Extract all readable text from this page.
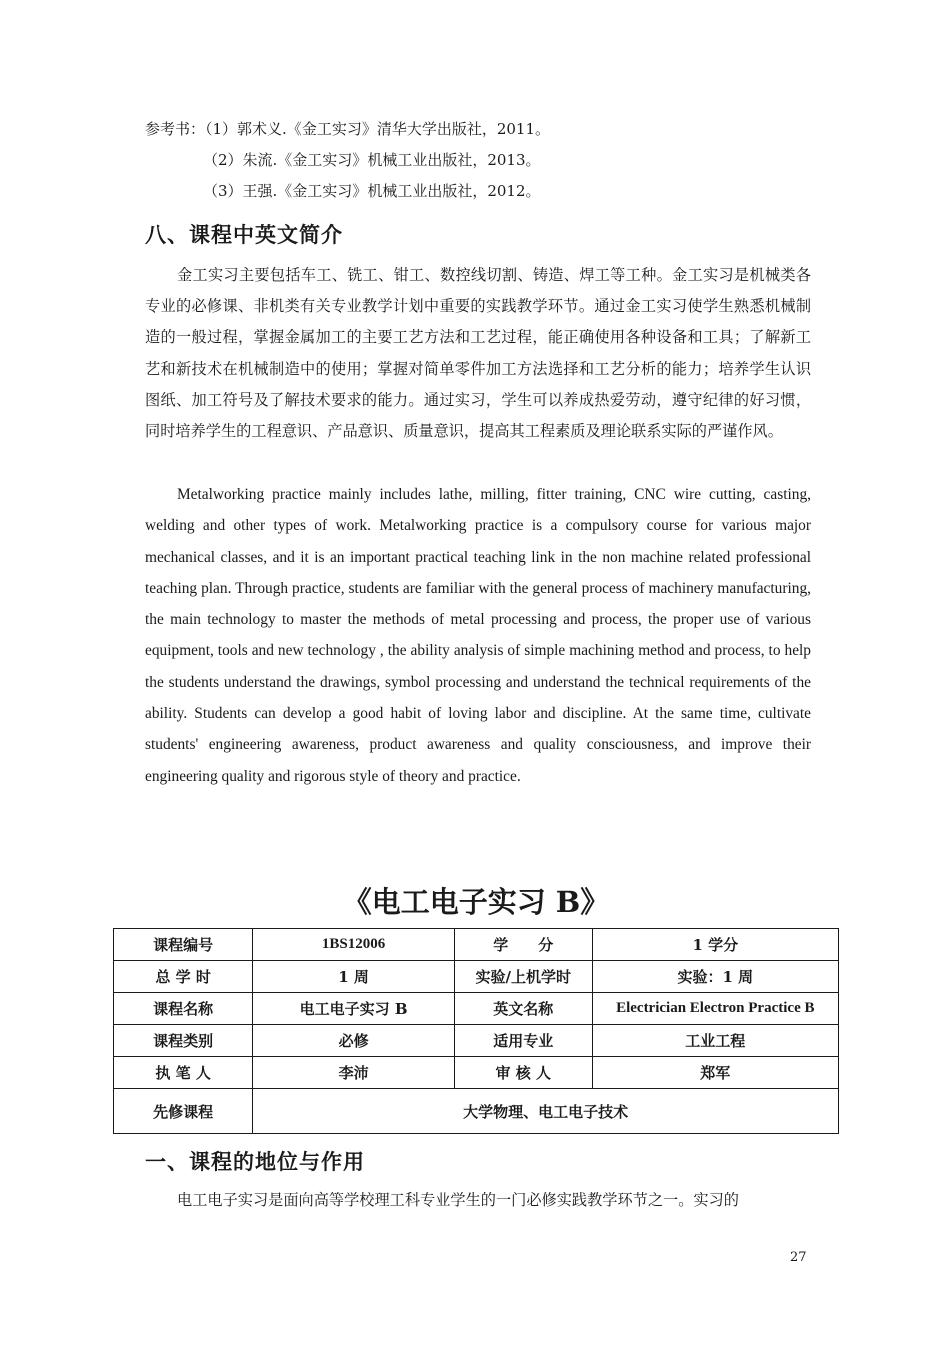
参考书：（1）郭术义.《金工实习》清华大学出版社，2011。
（2）朱流.《金工实习》机械工业出版社，2013。
（3）王强.《金工实习》机械工业出版社，2012。
八、课程中英文简介

金工实习主要包括车工、铣工、钳工、数控线切割、铸造、焊工等工种。金工实习是机械类各专业的必修课、非机类有关专业教学计划中重要的实践教学环节。通过金工实习使学生熟悉机械制造的一般过程，掌握金属加工的主要工艺方法和工艺过程，能正确使用各种设备和工具；了解新工艺和新技术在机械制造中的使用；掌握对简单零件加工方法选择和工艺分析的能力；培养学生认识图纸、加工符号及了解技术要求的能力。通过实习，学生可以养成热爱劳动，遵守纪律的好习惯，同时培养学生的工程意识、产品意识、质量意识，提高其工程素质及理论联系实际的严谨作风。

Metalworking practice mainly includes lathe, milling, fitter training, CNC wire cutting, casting, welding and other types of work. Metalworking practice is a compulsory course for various major mechanical classes, and it is an important practical teaching link in the non machine related professional teaching plan. Through practice, students are familiar with the general process of machinery manufacturing, the main technology to master the methods of metal processing and process, the proper use of various equipment, tools and new technology , the ability analysis of simple machining method and process, to help the students understand the drawings, symbol processing and understand the technical requirements of the ability. Students can develop a good habit of loving labor and discipline. At the same time, cultivate students' engineering awareness, product awareness and quality consciousness, and improve their engineering quality and rigorous style of theory and practice.

《电工电子实习 B》
课程编号	1BS12006	学　　分	1 学分
总 学 时	1 周	实验/上机学时	实验：1 周
课程名称	电工电子实习 B	英文名称	Electrician Electron Practice B
课程类别	必修	适用专业	工业工程
执 笔 人	李沛	审 核 人	郑军
先修课程	大学物理、电工电子技术		
一、课程的地位与作用

电工电子实习是面向高等学校理工科专业学生的一门必修实践教学环节之一。实习的

27
